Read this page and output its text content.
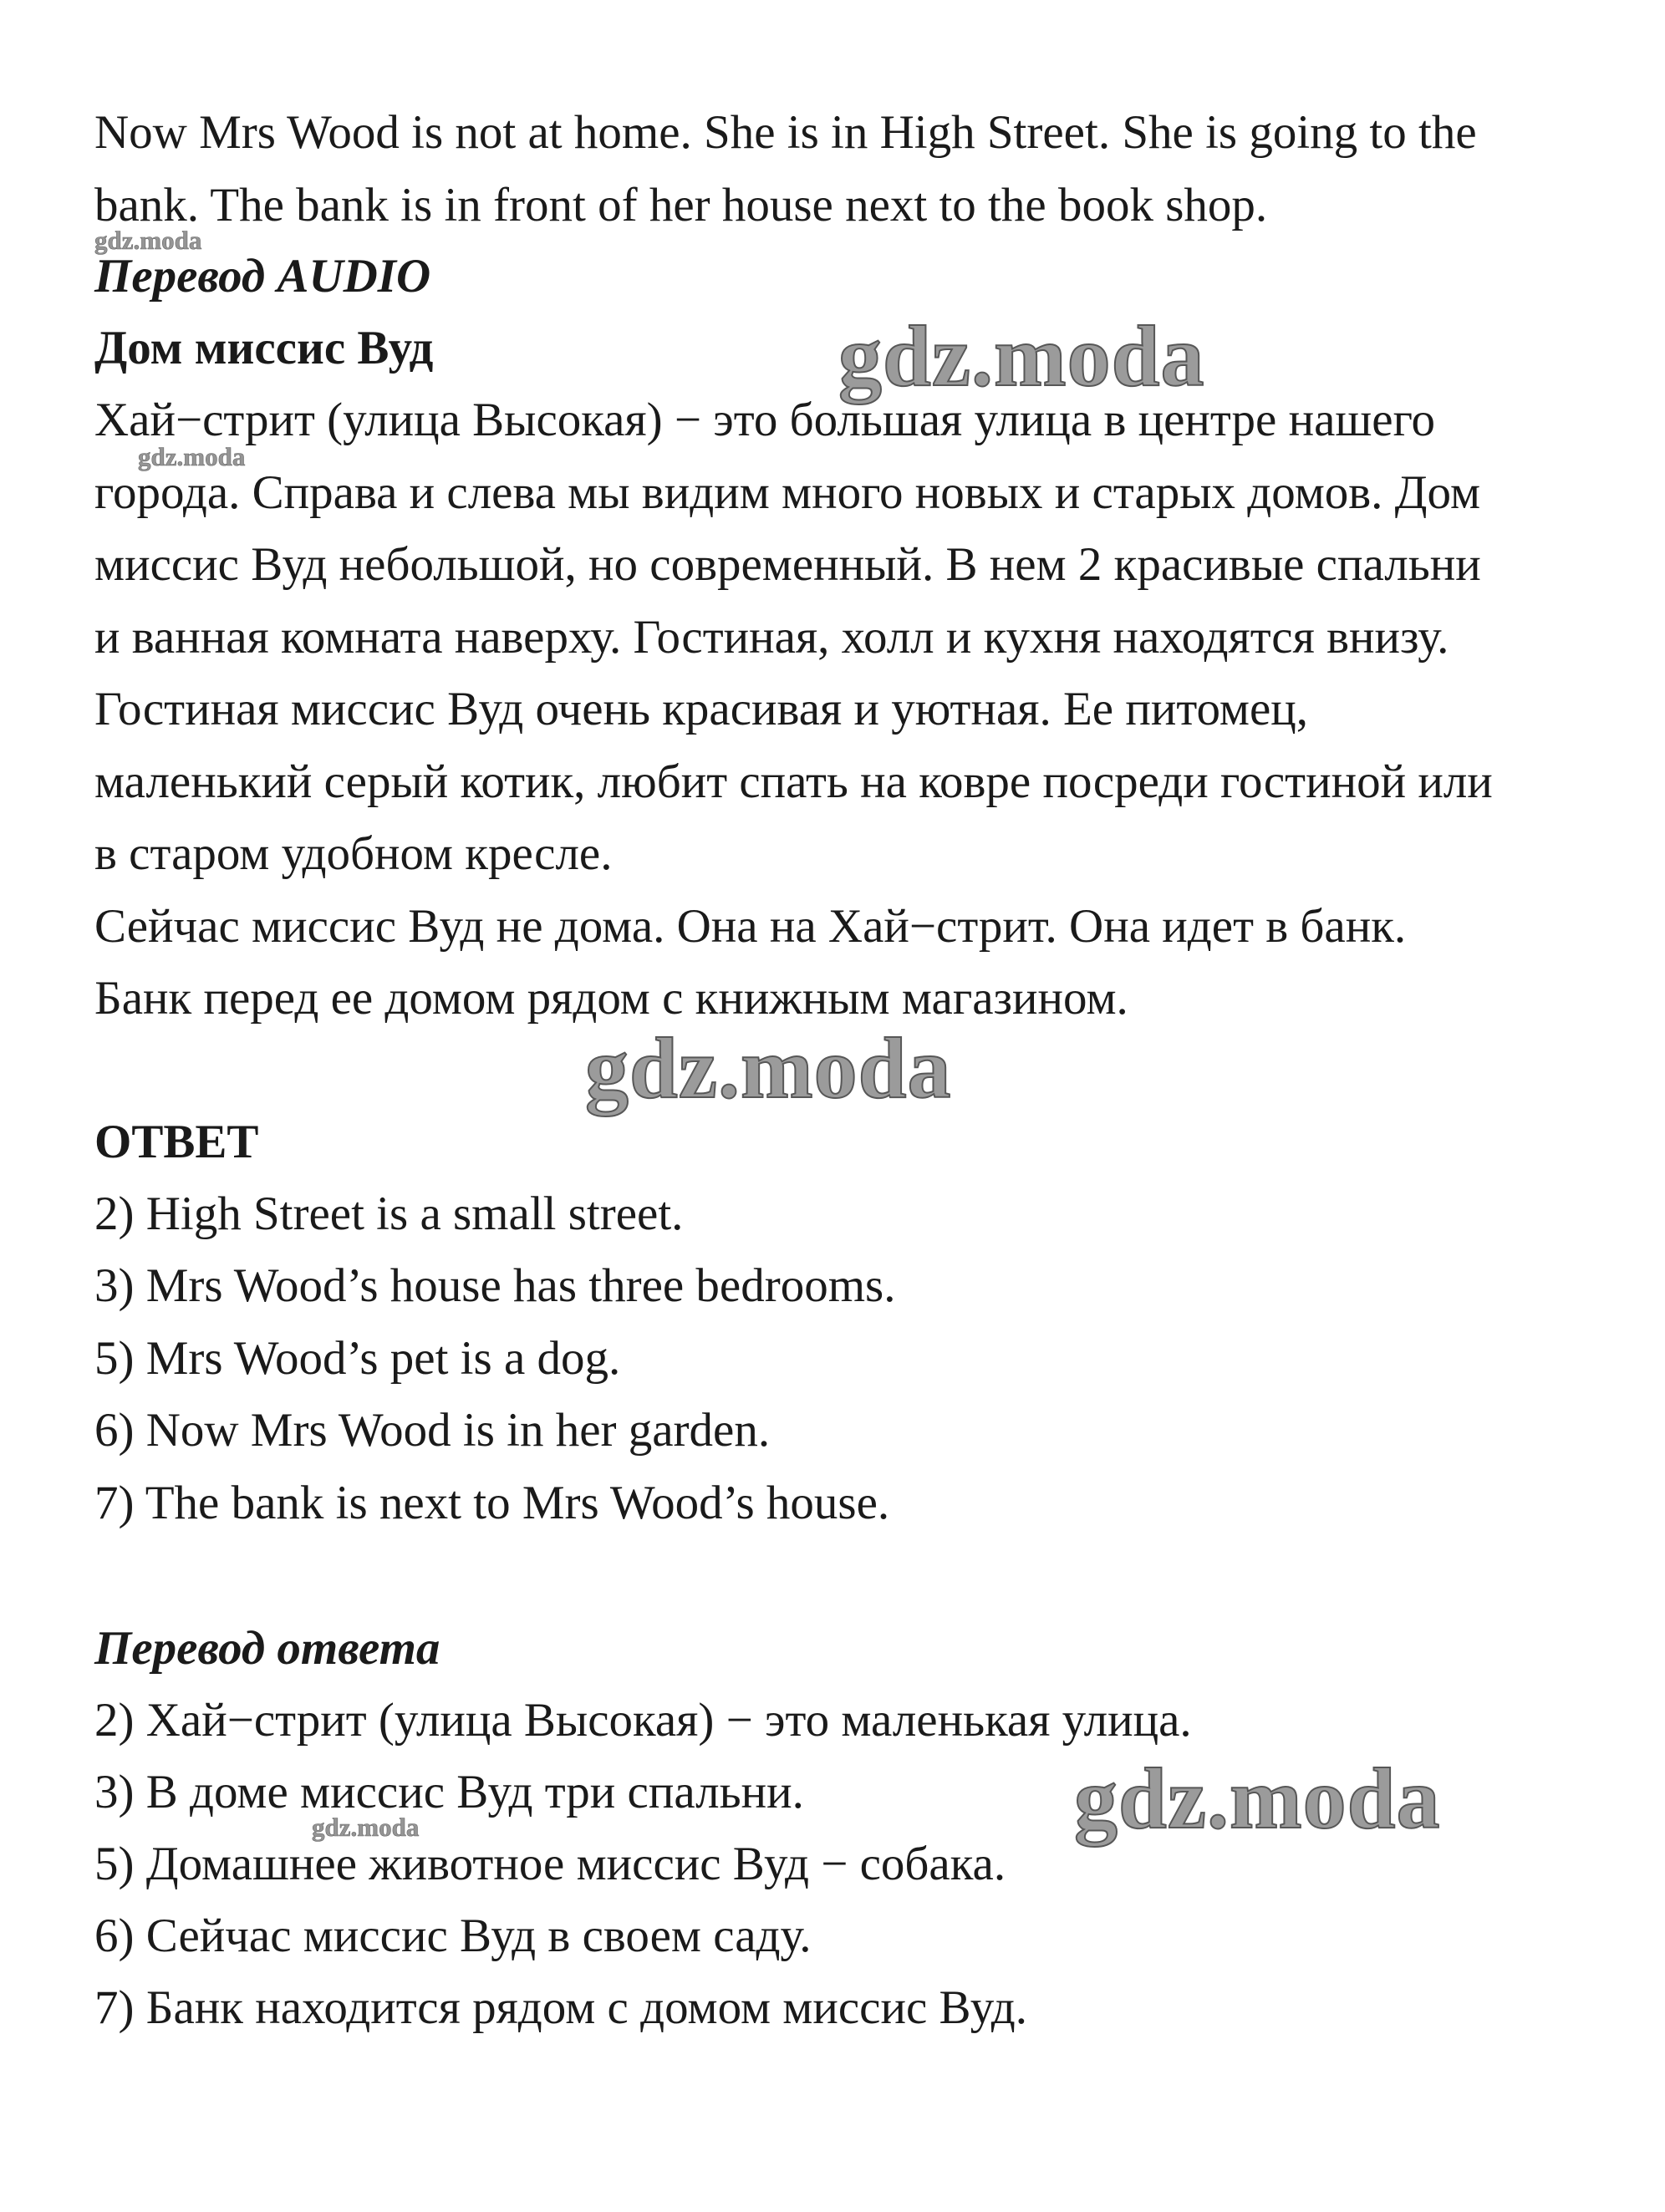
Now Mrs Wood is not at home. She is in High Street. She is going to the
bank. The bank is in front of her house next to the book shop.
Перевод AUDIO
Дом миссис Вуд
Хай−стрит (улица Высокая) − это большая улица в центре нашего
города. Справа и слева мы видим много новых и старых домов. Дом
миссис Вуд небольшой, но современный. В нем 2 красивые спальни
и ванная комната наверху. Гостиная, холл и кухня находятся внизу.
Гостиная миссис Вуд очень красивая и уютная. Ее питомец,
маленький серый котик, любит спать на ковре посреди гостиной или
в старом удобном кресле.
Сейчас миссис Вуд не дома. Она на Хай−стрит. Она идет в банк.
Банк перед ее домом рядом с книжным магазином.
ОТВЕТ
2) High Street is a small street.
3) Mrs Wood’s house has three bedrooms.
5) Mrs Wood’s pet is a dog.
6) Now Mrs Wood is in her garden.
7) The bank is next to Mrs Wood’s house.
Перевод ответа
2) Хай−стрит (улица Высокая) − это маленькая улица.
3) В доме миссис Вуд три спальни.
5) Домашнее животное миссис Вуд − собака.
6) Сейчас миссис Вуд в своем саду.
7) Банк находится рядом с домом миссис Вуд.
gdz.moda
gdz.moda
gdz.moda
gdz.moda
gdz.moda
gdz.moda
